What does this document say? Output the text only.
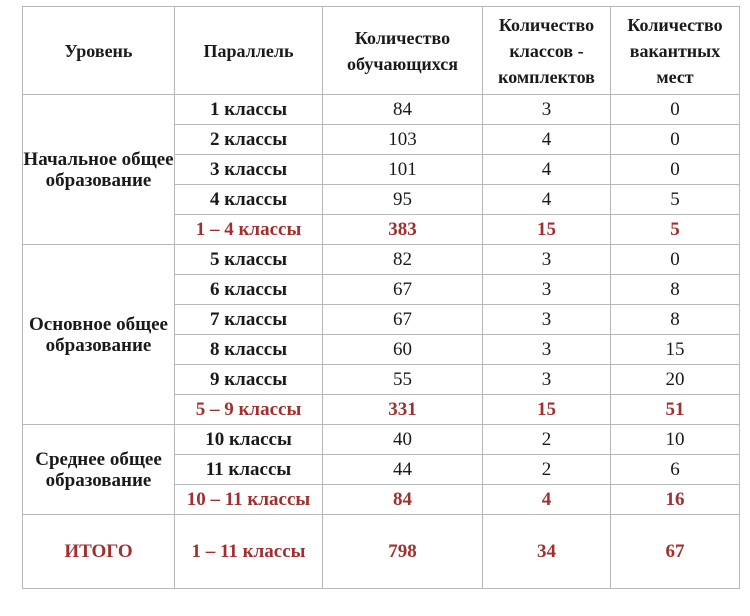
Уровень	Параллель	Количество обучающихся	Количество классов - комплектов	Количество вакантных мест
Начальное общее образование	1 классы	84	3	0
	2 классы	103	4	0
	3 классы	101	4	0
	4 классы	95	4	5
	1 – 4 классы	383	15	5
Основное общее образование	5 классы	82	3	0
	6 классы	67	3	8
	7 классы	67	3	8
	8 классы	60	3	15
	9 классы	55	3	20
	5 – 9 классы	331	15	51
Среднее общее образование	10 классы	40	2	10
	11 классы	44	2	6
	10 – 11 классы	84	4	16
ИТОГО	1 – 11 классы	798	34	67
